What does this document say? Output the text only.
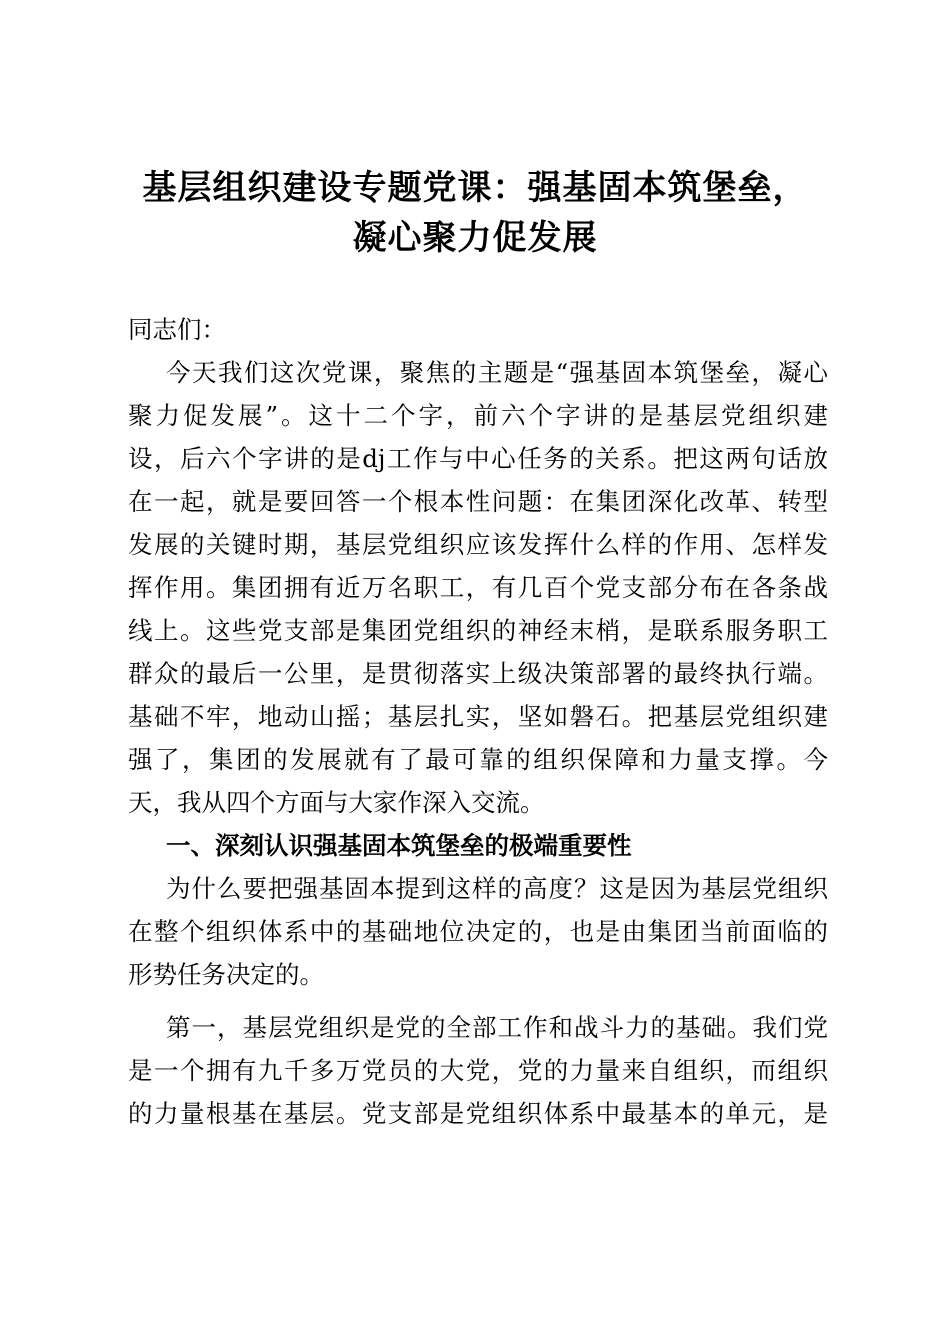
基层组织建设专题党课：强基固本筑堡垒，
凝心聚力促发展
同志们：
今天我们这次党课，聚焦的主题是“强基固本筑堡垒，凝心
聚力促发展”。这十二个字，前六个字讲的是基层党组织建
设，后六个字讲的是dj工作与中心任务的关系。把这两句话放
在一起，就是要回答一个根本性问题：在集团深化改革、转型
发展的关键时期，基层党组织应该发挥什么样的作用、怎样发
挥作用。集团拥有近万名职工，有几百个党支部分布在各条战
线上。这些党支部是集团党组织的神经末梢，是联系服务职工
群众的最后一公里，是贯彻落实上级决策部署的最终执行端。
基础不牢，地动山摇；基层扎实，坚如磐石。把基层党组织建
强了，集团的发展就有了最可靠的组织保障和力量支撑。今
天，我从四个方面与大家作深入交流。
一、深刻认识强基固本筑堡垒的极端重要性
为什么要把强基固本提到这样的高度？这是因为基层党组织
在整个组织体系中的基础地位决定的，也是由集团当前面临的
形势任务决定的。
第一，基层党组织是党的全部工作和战斗力的基础。我们党
是一个拥有九千多万党员的大党，党的力量来自组织，而组织
的力量根基在基层。党支部是党组织体系中最基本的单元，是
